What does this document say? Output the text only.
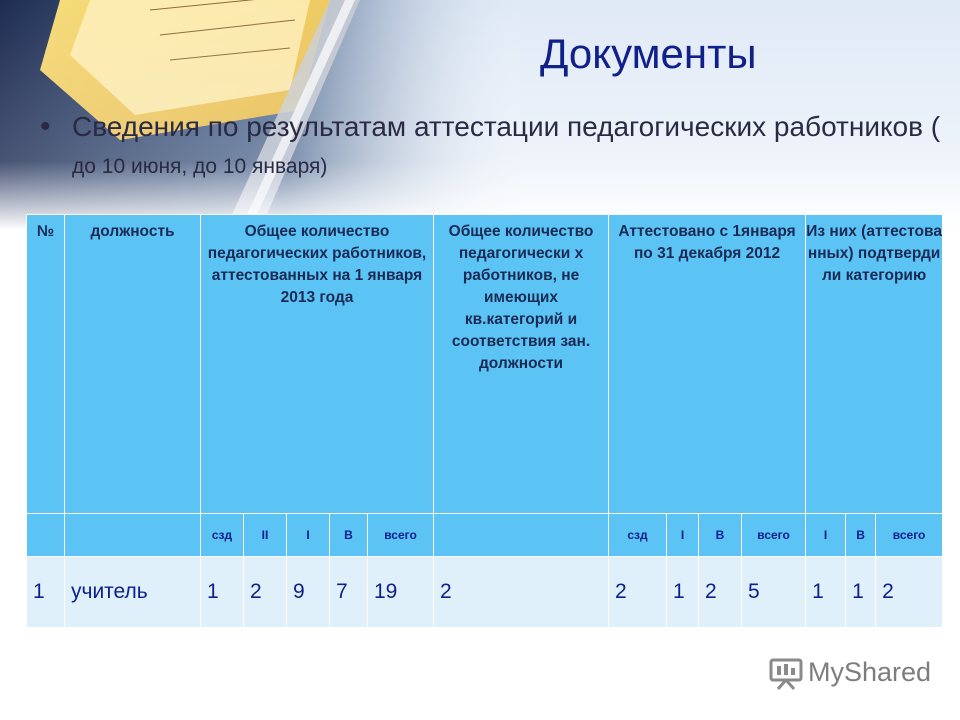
Документы
• Сведения по результатам аттестации педагогических работников ( до 10 июня, до 10 января)
№	должность	Общее количество педагогических работников, аттестованных на 1 января 2013 года					Общее количество педагогически х работников, не имеющих кв.категорий и соответствия зан. должности	Аттестовано с 1января по 31 декабря 2012				Из них (аттестова нных) подтверди ли категорию		
		сзд	II	I	В	всего		сзд	I	В	всего	I	В	всего
1	учитель	1	2	9	7	19	2	2	1	2	5	1	1	2
MyShared
